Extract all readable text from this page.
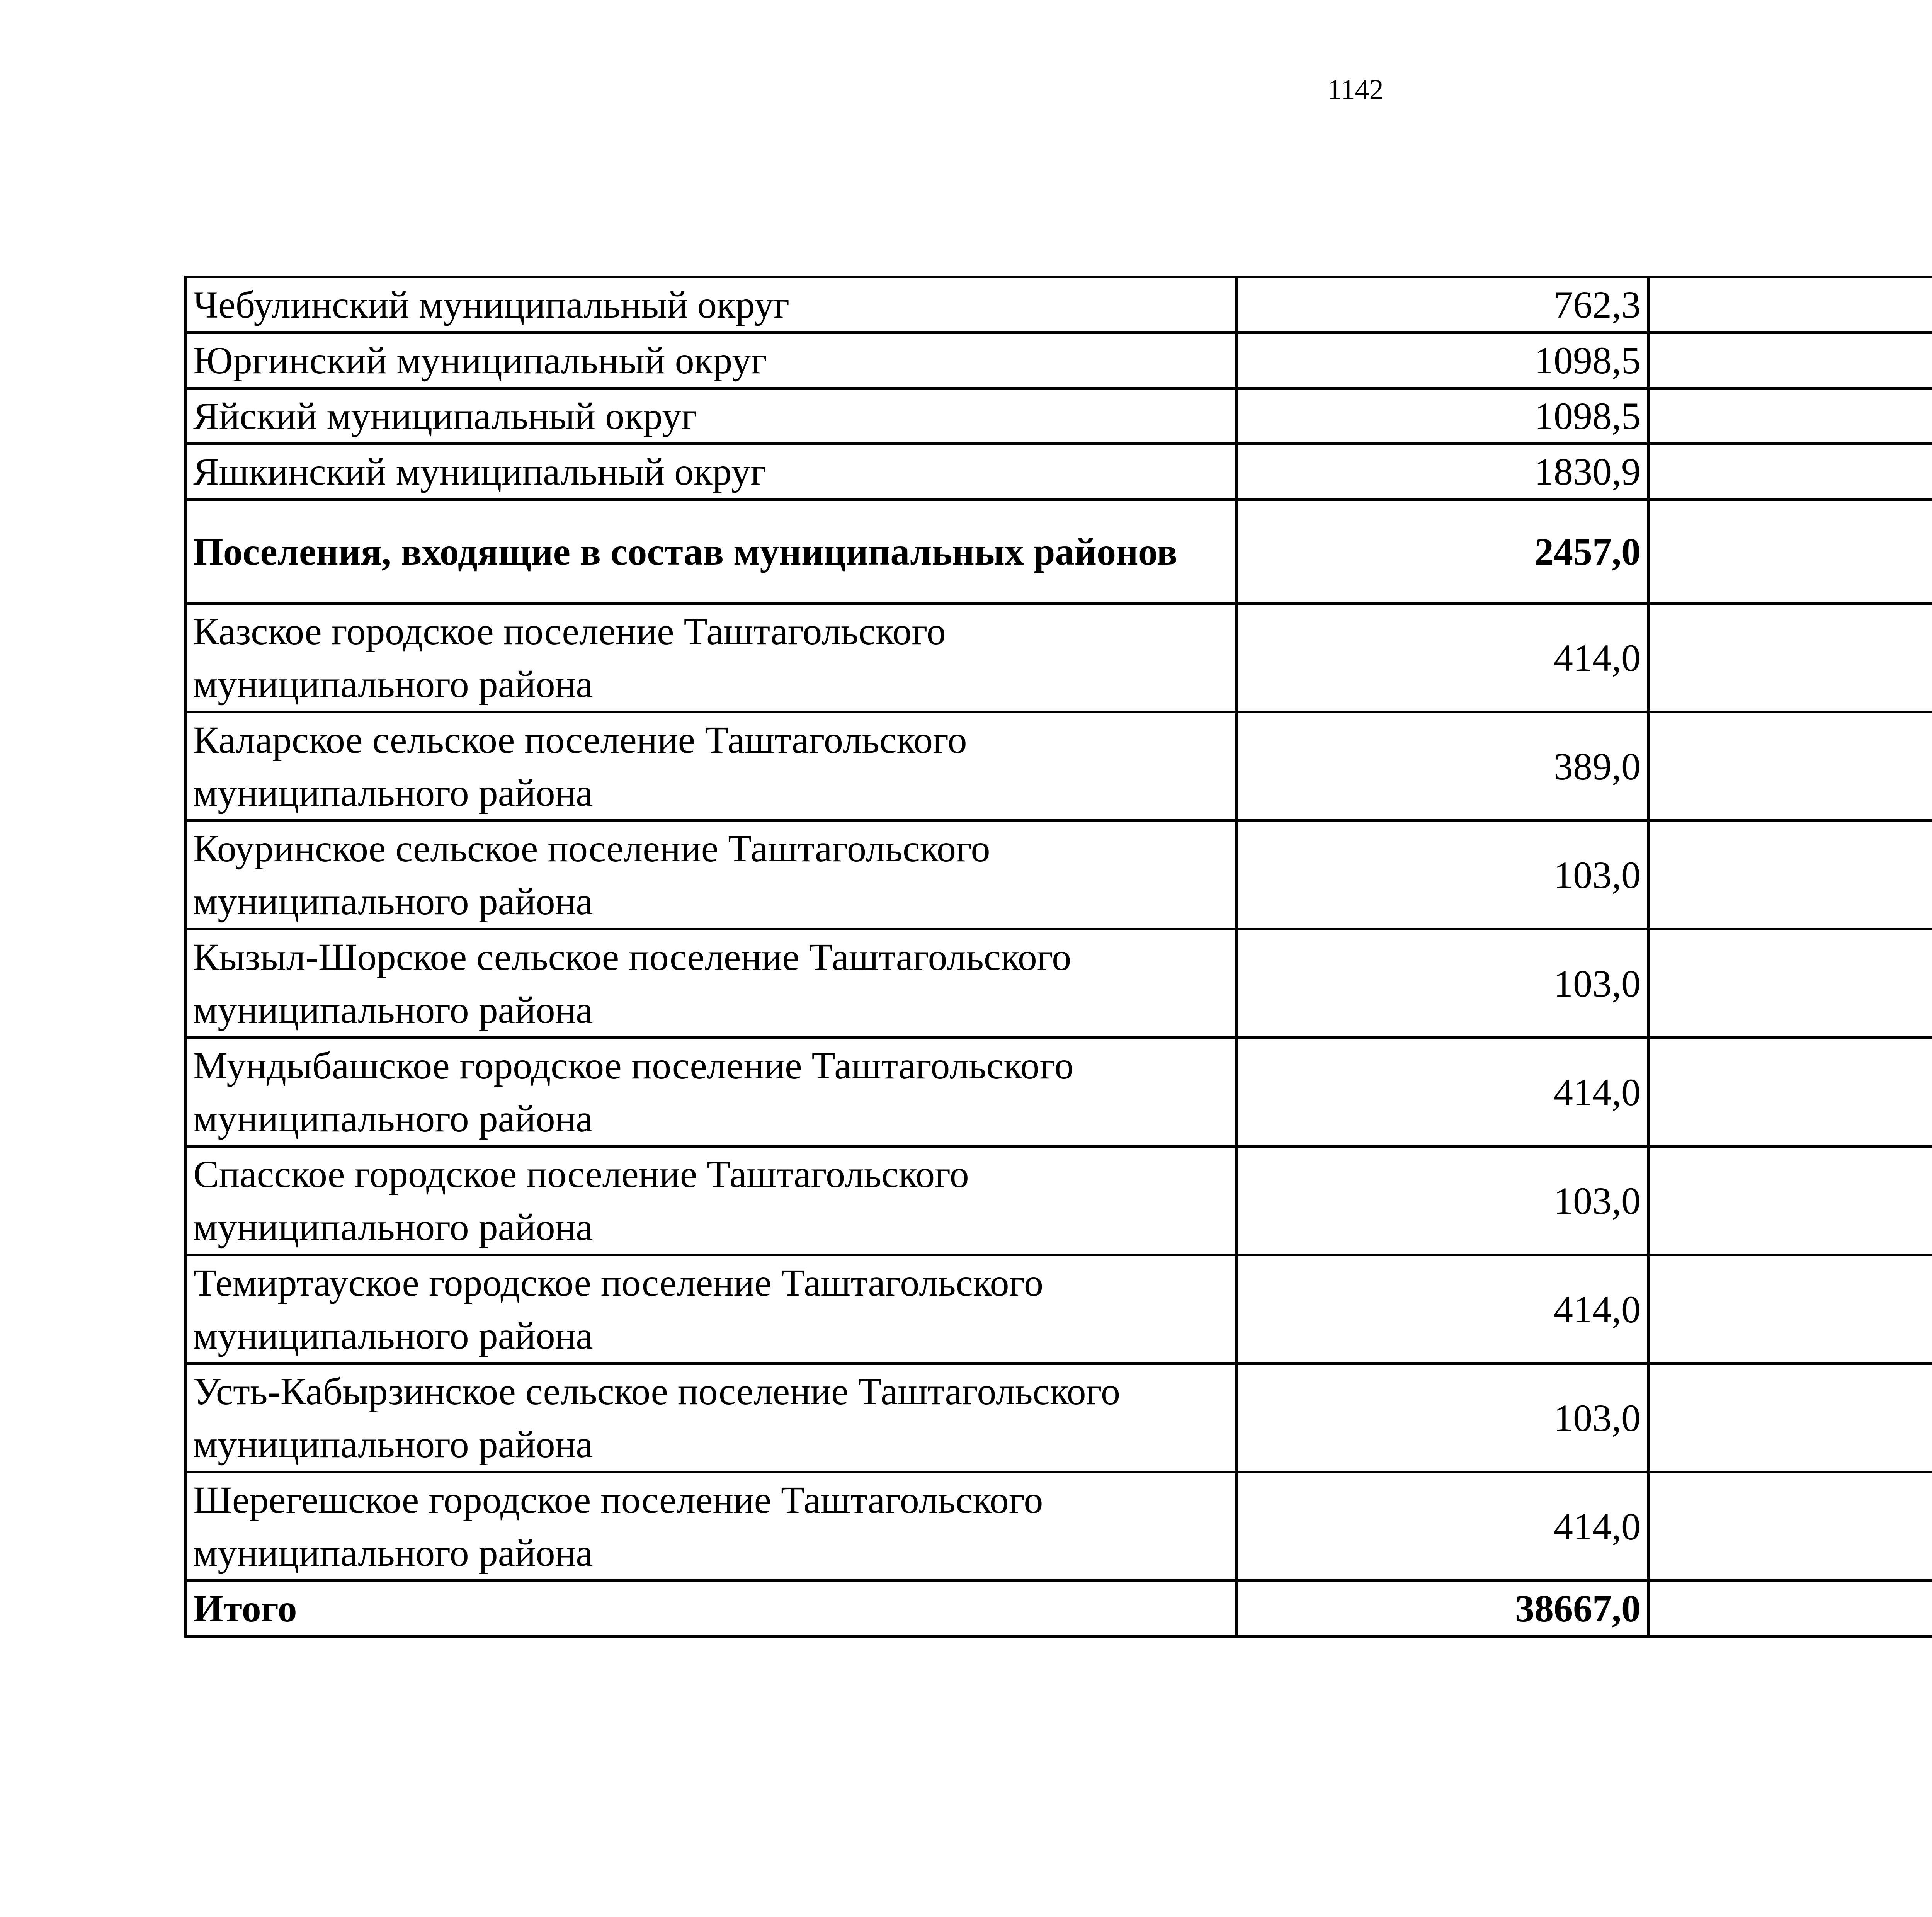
1142
Чебулинский муниципальный округ	762,3		
Юргинский муниципальный округ	1098,5		
Яйский муниципальный округ	1098,5		
Яшкинский муниципальный округ	1830,9		
Поселения, входящие в состав муниципальных районов	2457,0		
Казское городское поселение Таштагольского муниципального района	414,0		
Каларское сельское поселение Таштагольского муниципального района	389,0		
Коуринское сельское поселение Таштагольского муниципального района	103,0		
Кызыл-Шорское сельское поселение Таштагольского муниципального района	103,0		
Мундыбашское городское поселение Таштагольского муниципального района	414,0		
Спасское городское поселение Таштагольского муниципального района	103,0		
Темиртауское городское поселение Таштагольского муниципального района	414,0		
Усть-Кабырзинское сельское поселение Таштагольского муниципального района	103,0		
Шерегешское городское поселение Таштагольского муниципального района	414,0		
Итого	38667,0		
